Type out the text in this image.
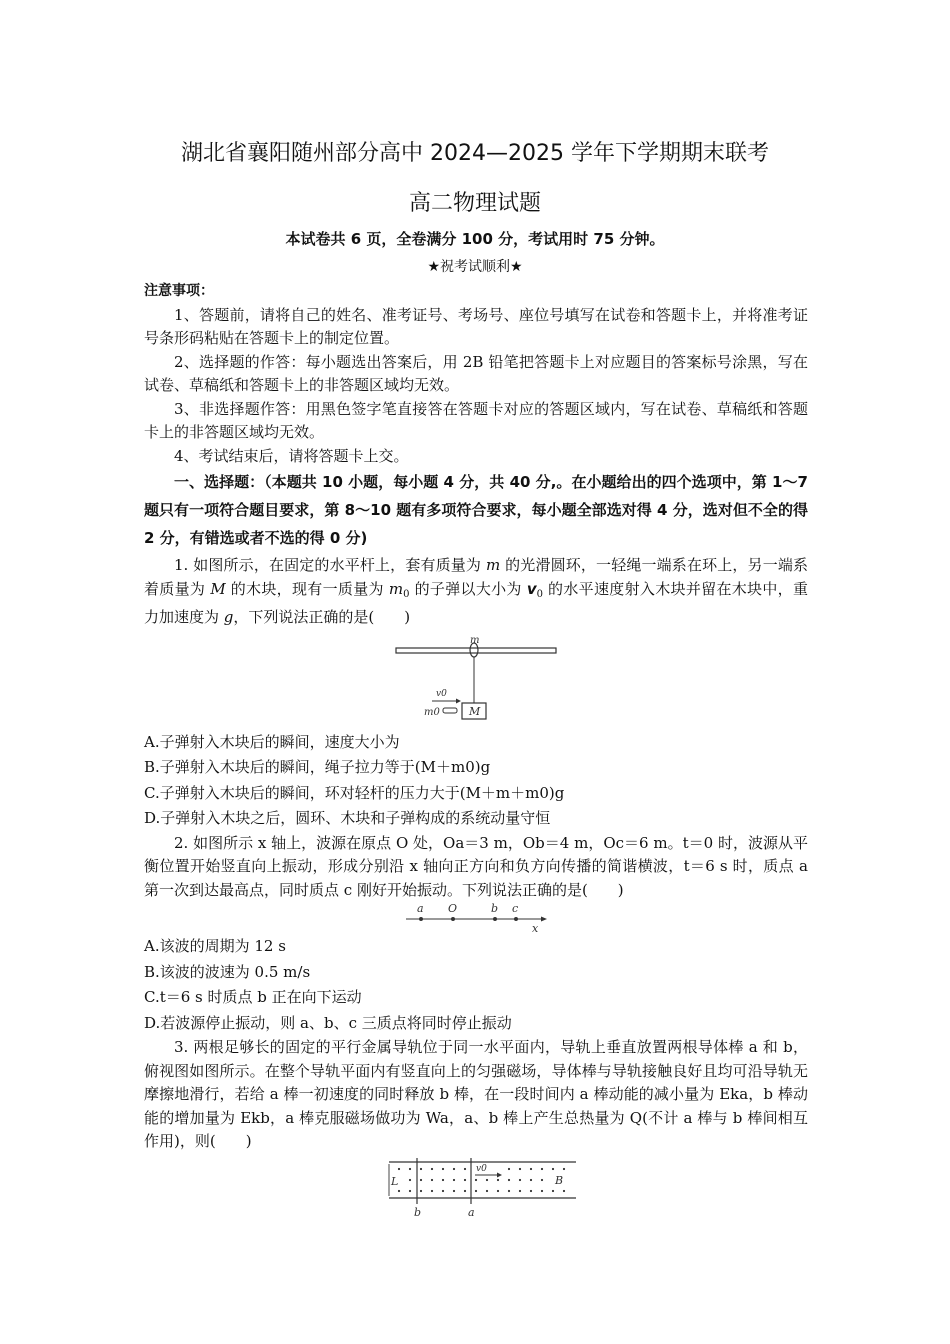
湖北省襄阳随州部分高中 2024—2025 学年下学期期末联考
高二物理试题
本试卷共 6 页，全卷满分 100 分，考试用时 75 分钟。
★祝考试顺利★
注意事项：

1、答题前，请将自己的姓名、准考证号、考场号、座位号填写在试卷和答题卡上，并将准考证号条形码粘贴在答题卡上的制定位置。

2、选择题的作答：每小题选出答案后，用 2B 铅笔把答题卡上对应题目的答案标号涂黑，写在试卷、草稿纸和答题卡上的非答题区域均无效。

3、非选择题作答：用黑色签字笔直接答在答题卡对应的答题区域内，写在试卷、草稿纸和答题卡上的非答题区域均无效。

4、考试结束后，请将答题卡上交。

一、选择题：（本题共 10 小题，每小题 4 分，共 40 分,。在小题给出的四个选项中，第 1～7 题只有一项符合题目要求，第 8～10 题有多项符合要求，每小题全部选对得 4 分，选对但不全的得 2 分，有错选或者不选的得 0 分)

1. 如图所示，在固定的水平杆上，套有质量为 m 的光滑圆环，一轻绳一端系在环上，另一端系着质量为 M 的木块，现有一质量为 $m_0$ 的子弹以大小为 $v_0$ 的水平速度射入木块并留在木块中，重力加速度为 g，下列说法正确的是(　　)

m
M
v0
m0

A.子弹射入木块后的瞬间，速度大小为

B.子弹射入木块后的瞬间，绳子拉力等于(M＋m0)g

C.子弹射入木块后的瞬间，环对轻杆的压力大于(M＋m＋m0)g

D.子弹射入木块之后，圆环、木块和子弹构成的系统动量守恒

2. 如图所示 x 轴上，波源在原点 O 处，Oa＝3 m，Ob＝4 m，Oc＝6 m。t＝0 时，波源从平衡位置开始竖直向上振动，形成分别沿 x 轴向正方向和负方向传播的简谐横波，t＝6 s 时，质点 a 第一次到达最高点，同时质点 c 刚好开始振动。下列说法正确的是(　　)

a O	b c
x

A.该波的周期为 12 s

B.该波的波速为 0.5 m/s

C.t＝6 s 时质点 b 正在向下运动

D.若波源停止振动，则 a、b、c 三质点将同时停止振动

3. 两根足够长的固定的平行金属导轨位于同一水平面内，导轨上垂直放置两根导体棒 a 和 b，俯视图如图所示。在整个导轨平面内有竖直向上的匀强磁场，导体棒与导轨接触良好且均可沿导轨无摩擦地滑行，若给 a 棒一初速度的同时释放 b 棒，在一段时间内 a 棒动能的减小量为 Eka，b 棒动能的增加量为 Ekb，a 棒克服磁场做功为 Wa，a、b 棒上产生总热量为 Q(不计 a 棒与 b 棒间相互作用)，则(　　)

L
v0
B
b	a
